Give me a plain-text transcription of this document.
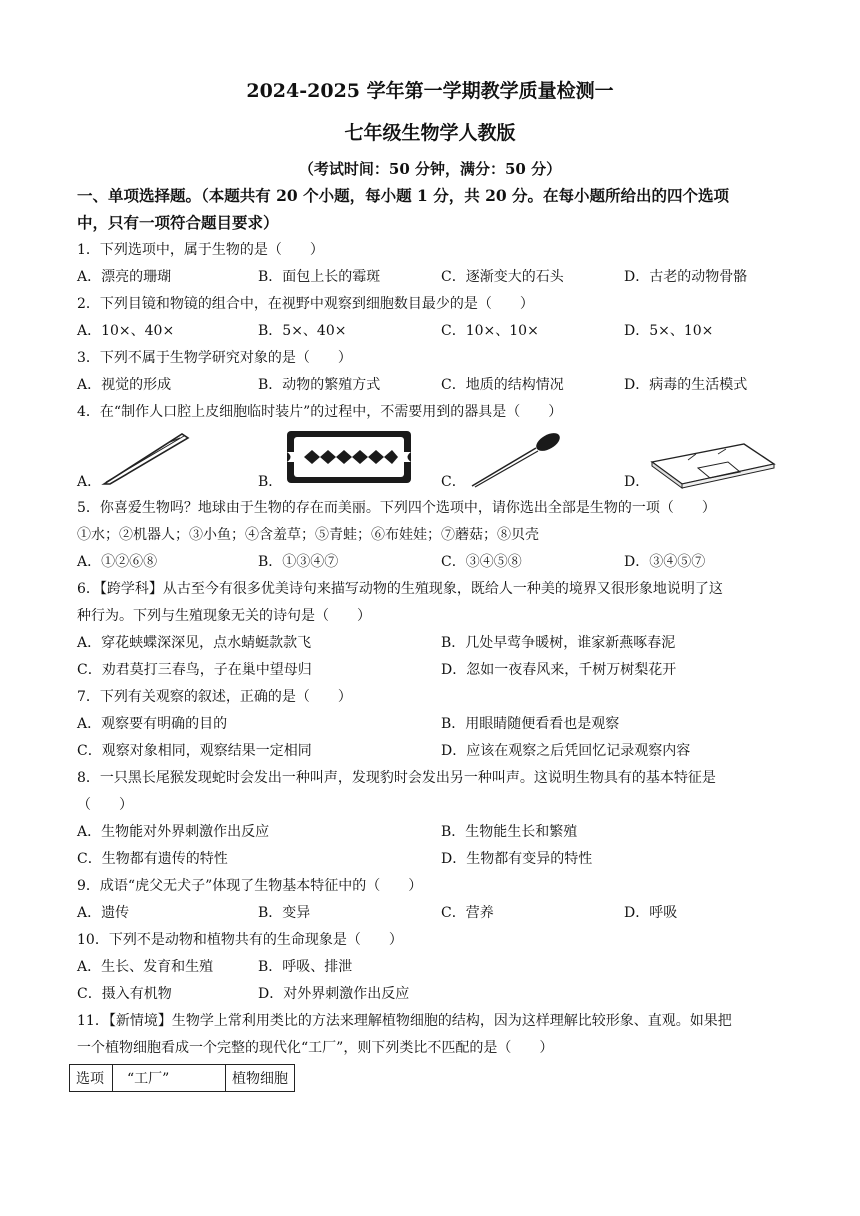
2024-2025 学年第一学期教学质量检测一
七年级生物学人教版
（考试时间：50 分钟，满分：50 分）
一、单项选择题。（本题共有 20 个小题，每小题 1 分，共 20 分。在每小题所给出的四个选项
中，只有一项符合题目要求）
1．下列选项中，属于生物的是（　　）
A．漂亮的珊瑚	B．面包上长的霉斑	C．逐渐变大的石头	D．古老的动物骨骼
2．下列目镜和物镜的组合中，在视野中观察到细胞数目最少的是（　　）
A．10×、40×	B．5×、40×	C．10×、10×	D．5×、10×
3．下列不属于生物学研究对象的是（　　）
A．视觉的形成	B．动物的繁殖方式	C．地质的结构情况	D．病毒的生活模式
4．在“制作人口腔上皮细胞临时装片”的过程中，不需要用到的器具是（　　）
A．	B．	C．	D．
5．你喜爱生物吗？地球由于生物的存在而美丽。下列四个选项中，请你选出全部是生物的一项（　　）
①水；②机器人；③小鱼；④含羞草；⑤青蛙；⑥布娃娃；⑦蘑菇；⑧贝壳
A．①②⑥⑧	B．①③④⑦	C．③④⑤⑧	D．③④⑤⑦
6．【跨学科】从古至今有很多优美诗句来描写动物的生殖现象，既给人一种美的境界又很形象地说明了这
种行为。下列与生殖现象无关的诗句是（　　）
A．穿花蛱蝶深深见，点水蜻蜓款款飞	B．几处早莺争暖树，谁家新燕啄春泥
C．劝君莫打三春鸟，子在巢中望母归	D．忽如一夜春风来，千树万树梨花开
7．下列有关观察的叙述，正确的是（　　）
A．观察要有明确的目的	B．用眼睛随便看看也是观察
C．观察对象相同，观察结果一定相同	D．应该在观察之后凭回忆记录观察内容
8．一只黑长尾猴发现蛇时会发出一种叫声，发现豹时会发出另一种叫声。这说明生物具有的基本特征是
（　　）
A．生物能对外界刺激作出反应	B．生物能生长和繁殖
C．生物都有遗传的特性	D．生物都有变异的特性
9．成语“虎父无犬子”体现了生物基本特征中的（　　）
A．遗传	B．变异	C．营养	D．呼吸
10．下列不是动物和植物共有的生命现象是（　　）
A．生长、发育和生殖	B．呼吸、排泄
C．摄入有机物	D．对外界刺激作出反应
11．【新情境】生物学上常利用类比的方法来理解植物细胞的结构，因为这样理解比较形象、直观。如果把
一个植物细胞看成一个完整的现代化“工厂”，则下列类比不匹配的是（　　）
选项	“工厂”	植物细胞
